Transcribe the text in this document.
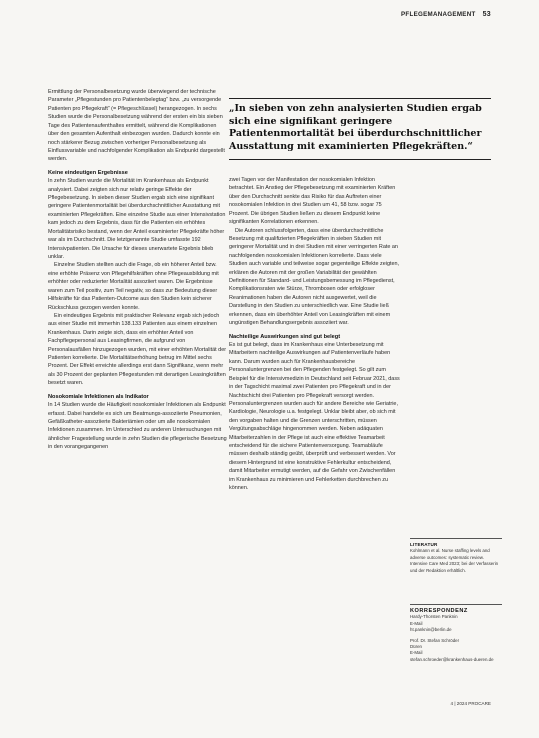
PFLEGEMANAGEMENT 53

Ermittlung der Personalbesetzung wurde überwiegend der technische Parameter „Pflegestunden pro Patientenbelegtag“ bzw. „zu versorgende Patienten pro Pflegekraft“ (= Pflegeschlüssel) herangezogen. In sechs Studien wurde die Personalbesetzung während der ersten ein bis sieben Tage des Patientenaufenthaltes ermittelt, während die Komplikationen über den gesamten Aufenthalt einbezogen wurden. Dadurch konnte ein noch stärkerer Bezug zwischen vorheriger Personalbesetzung als Einflussvariable und nachfolgender Komplikation als Endpunkt dargestellt werden.

Keine eindeutigen Ergebnisse

In zehn Studien wurde die Mortalität im Krankenhaus als Endpunkt analysiert. Dabei zeigten sich nur relativ geringe Effekte der Pflegebesetzung. In sieben dieser Studien ergab sich eine signifikant geringere Patientenmortalität bei überdurchschnittlicher Ausstattung mit examinierten Pflegekräften. Eine einzelne Studie aus einer Intensivstation kam jedoch zu dem Ergebnis, dass für die Patienten ein erhöhtes Mortalitätsrisiko bestand, wenn der Anteil examinierter Pflegekräfte höher war als im Durchschnitt. Die letztgenannte Studie umfasste 192 Intensivpatienten. Die Ursache für dieses unerwartete Ergebnis blieb unklar.

Einzelne Studien stellten auch die Frage, ob ein höherer Anteil bzw. eine erhöhte Präsenz von Pflegehilfskräften ohne Pflegeausbildung mit erhöhter oder reduzierter Mortalität assoziiert waren. Die Ergebnisse waren zum Teil positiv, zum Teil negativ, so dass zur Bedeutung dieser Hilfskräfte für das Patienten-Outcome aus den Studien kein sicherer Rückschluss gezogen werden konnte.

Ein eindeutiges Ergebnis mit praktischer Relevanz ergab sich jedoch aus einer Studie mit immerhin 138.133 Patienten aus einem einzelnen Krankenhaus. Darin zeigte sich, dass ein erhöhter Anteil von Fachpflegepersonal aus Leasingfirmen, die aufgrund von Personalausfällen hinzugezogen wurden, mit einer erhöhten Mortalität der Patienten korrelierte. Die Mortalitätserhöhung betrug im Mittel sechs Prozent. Der Effekt erreichte allerdings erst dann Signifikanz, wenn mehr als 30 Prozent der geplanten Pflegestunden mit derartigen Leasingkräften besetzt waren.

Nosokomiale Infektionen als Indikator

In 14 Studien wurde die Häufigkeit nosokomialer Infektionen als Endpunkt erfasst. Dabei handelte es sich um Beatmungs-assoziierte Pneumonien, Gefäßkatheter-assoziierte Bakteriämien oder um alle nosokomialen Infektionen zusammen. Im Unterschied zu anderen Untersuchungen mit ähnlicher Fragestellung wurde in zehn Studien die pflegerische Besetzung in den vorangegangenen

„In sieben von zehn analysierten Studien ergab sich eine signifikant geringere Patientenmortalität bei überdurchschnittlicher Ausstattung mit examinierten Pflegekräften.“

zwei Tagen vor der Manifestation der nosokomialen Infektion betrachtet. Ein Anstieg der Pflegebesetzung mit examinierten Kräften über den Durchschnitt senkte das Risiko für das Auftreten einer nosokomialen Infektion in drei Studien um 41, 58 bzw. sogar 75 Prozent. Die übrigen Studien ließen zu diesem Endpunkt keine signifikanten Korrelationen erkennen.

Die Autoren schlussfolgerten, dass eine überdurchschnittliche Besetzung mit qualifizierten Pflegekräften in sieben Studien mit geringerer Mortalität und in drei Studien mit einer verringerten Rate an nachfolgenden nosokomialen Infektionen korrelierte. Dass viele Studien auch variable und teilweise sogar gegenteilige Effekte zeigten, erklären die Autoren mit der großen Variabilität der gewählten Definitionen für Standard- und Leistungsbemessung im Pflegedienst, Komplikationsraten wie Stürze, Thrombosen oder erfolgloser Reanimationen haben die Autoren nicht ausgewertet, weil die Darstellung in den Studien zu unterschiedlich war. Eine Studie ließ erkennen, dass ein überhöhter Anteil von Leasingkräften mit einem ungünstigen Behandlungsergebnis assoziiert war.

Nachteilige Auswirkungen sind gut belegt

Es ist gut belegt, dass im Krankenhaus eine Unterbesetzung mit Mitarbeitern nachteilige Auswirkungen auf Patientenverläufe haben kann. Darum wurden auch für Krankenhausbereiche Personaluntergrenzen bei den Pflegenden festgelegt. So gilt zum Beispiel für die Intensivmedizin in Deutschland seit Februar 2021, dass in der Tagschicht maximal zwei Patienten pro Pflegekraft und in der Nachtschicht drei Patienten pro Pflegekraft versorgt werden. Personaluntergrenzen wurden auch für andere Bereiche wie Geriatrie, Kardiologie, Neurologie u.a. festgelegt. Unklar bleibt aber, ob sich mit den vorgaben halten und die Grenzen unterschritten, müssen Vergütungsabschläge hingenommen werden. Neben adäquaten Mitarbeiterzahlen in der Pflege ist auch eine effektive Teamarbeit entscheidend für die sichere Patientenversorgung. Teamabläufe müssen deshalb ständig geübt, überprüft und verbessert werden. Vor diesem Hintergrund ist eine konstruktive Fehlerkultur entscheidend, damit Mitarbeiter ermutigt werden, auf die Gefahr von Zwischenfällen im Krankenhaus zu minimieren und Fehlerketten durchbrechen zu können.

LITERATUR
Kohlmann et al. Nurse staffing levels and adverse outcomes: systematic review. Intensive Care Med 2023; bei der Verfasserin und der Redaktion erhältlich.
KORRESPONDENZ
Hardy-Thorsten Panknin
E-Mail
ht.panknin@berlin.de
Prof. Dr. Stefan Schröder
Düren
E-Mail
stefan.schroeder@krankenhaus-dueren.de
4 | 2024 PROCARE
